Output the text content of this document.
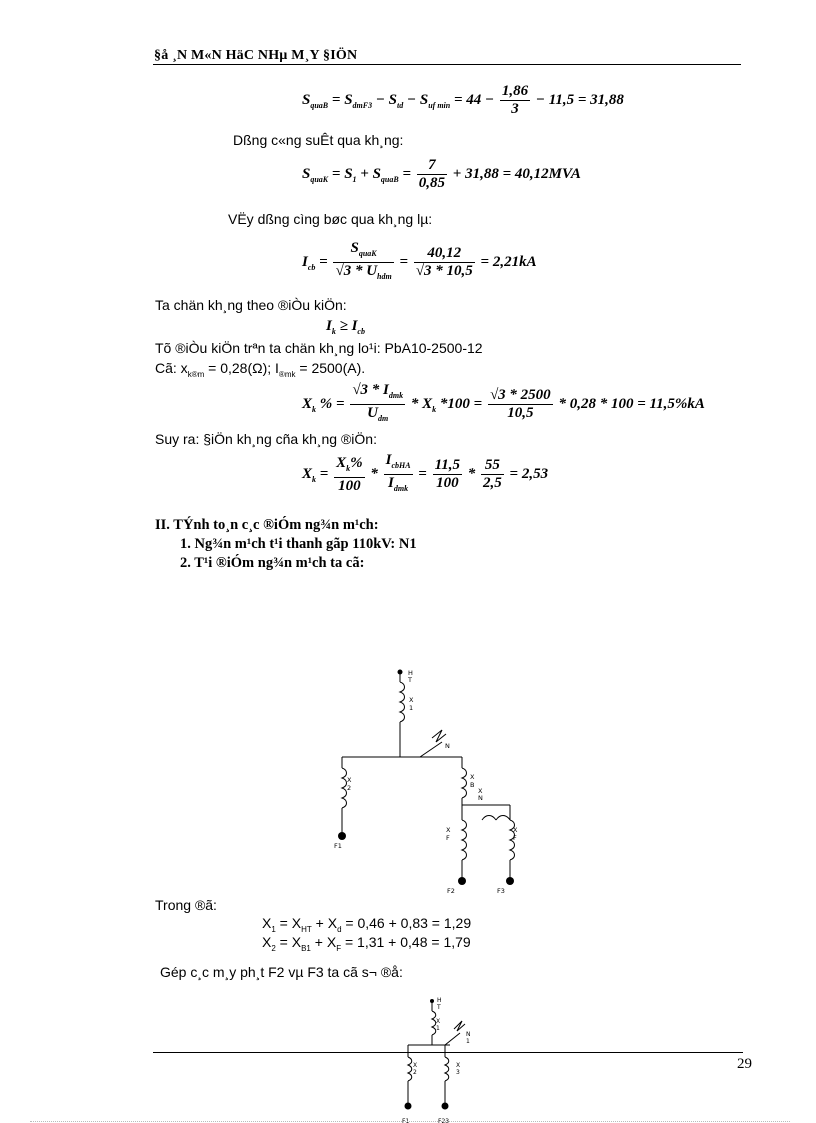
§å ¸N M«N HäC NHµ M¸Y §IÖN
$S_{quaB} = S_{dmF3} - S_{td} - S_{uf min} = 44 - \frac{1,86}{3} - 11,5 = 31,88$
Dßng c«ng suÊt qua kh¸ng:
$S_{quaK} = S_1 + S_{quaB} = \frac{7}{0,85} + 31,88 = 40,12MVA$
VËy dßng cìng bøc qua kh¸ng lµ:
$I_{cb} = \frac{S_{quaK}}{√3 * U_{hdm}} = \frac{40,12}{√3 * 10,5} = 2,21kA$
Ta chän kh¸ng theo ®iÒu kiÖn:
$I_k \ge I_{cb}$
Tõ ®iÒu kiÖn trªn ta chän kh¸ng lo¹i: PbA10-2500-12
Cã: $x_{k®m} = 0,28(\Omega)$; $I_{®mk} = 2500(A)$.
$X_k$ % = $\frac{√3 * I_{dmk}}{U_{dm}} * X_k$ $*100 = \frac{√3 * 2500}{10,5} * 0,28 * 100 = 11,5\%kA$
Suy ra: §iÖn kh¸ng cña kh¸ng ®iÖn:
$X_k = \frac{X_k\%}{100} * \frac{I_{cbHA}}{I_{dmk}} = \frac{11,5}{100} * \frac{55}{2,5} = 2,53$
II. TÝnh to¸n c¸c ®iÓm ng¾n m¹ch:
1. Ng¾n m¹ch t¹i thanh gãp 110kV: N1
2. T¹i ®iÓm ng¾n m¹ch ta cã:
H
T
X
1
N
X
2
X
B
X
N
X
F
X
F
F1
F2	F3
Trong ®ã:
$X_1 = X_{HT} + X_d = 0,46 + 0,83 = 1,29$
$X_2 = X_{B1} + X_F = 1,31 + 0,48 = 1,79$
Gép c¸c m¸y ph¸t F2 vµ F3 ta cã s¬ ®å:
H
T
X
1
N
1
X
2
X
3
F1	F23
29
